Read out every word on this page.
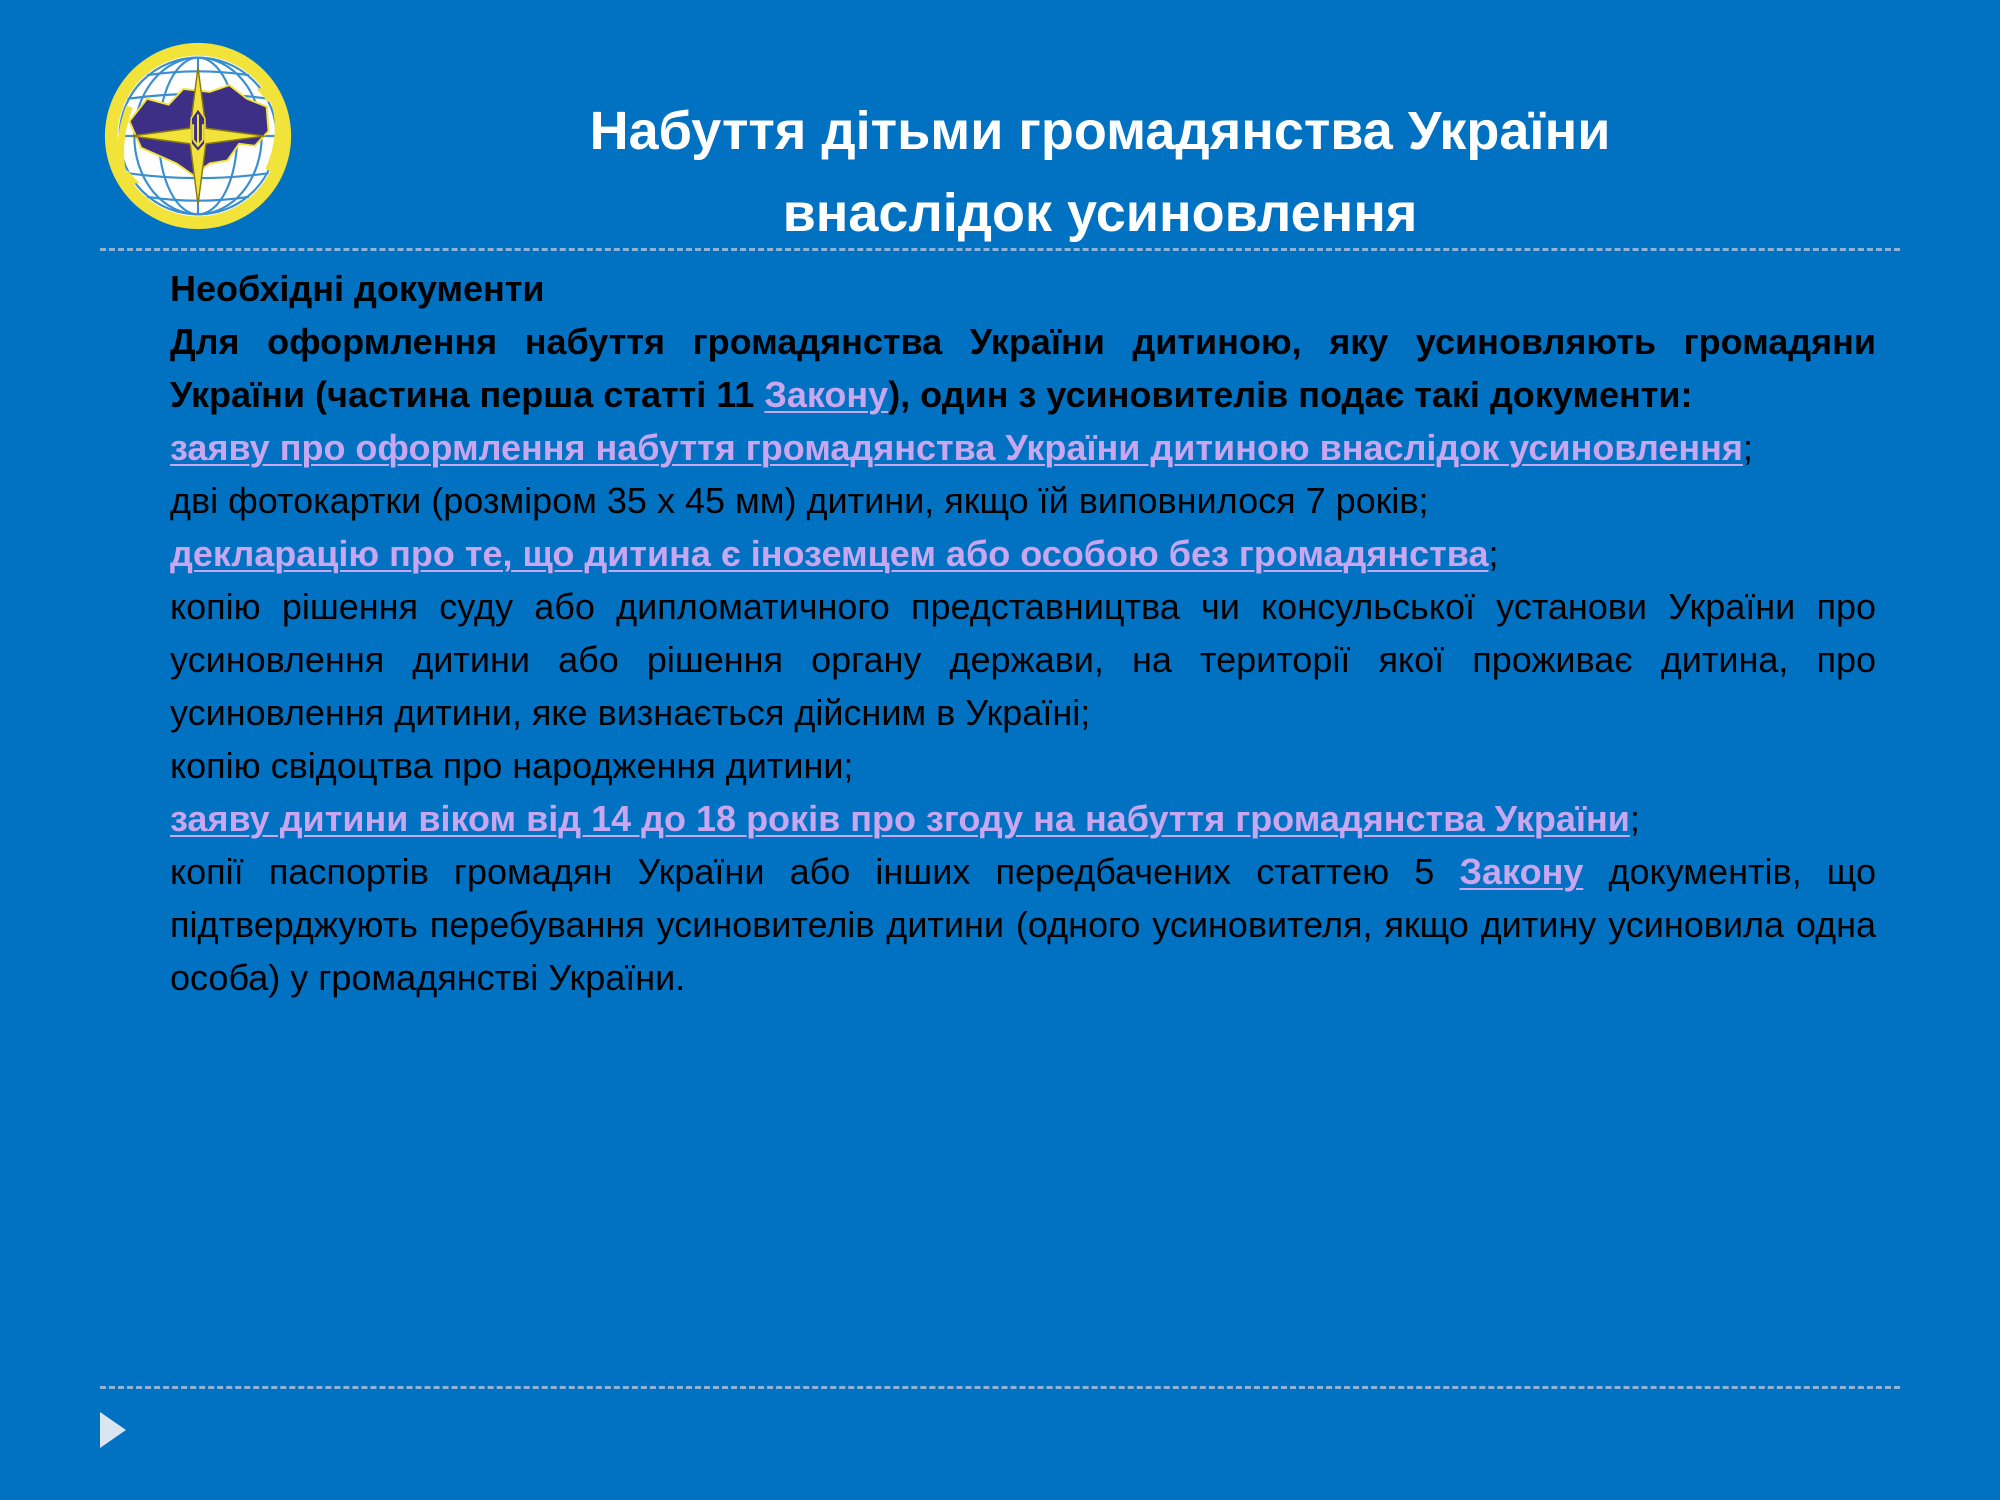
Набуття дітьми громадянства України
внаслідок усиновлення

Необхідні документи

Для оформлення набуття громадянства України дитиною, яку усиновляють громадяни України (частина перша статті 11 Закону), один з усиновителів подає такі документи:

заяву про оформлення набуття громадянства України дитиною внаслідок усиновлення;

дві фотокартки (розміром 35 х 45 мм) дитини, якщо їй виповнилося 7 років;

декларацію про те, що дитина є іноземцем або особою без громадянства;

копію рішення суду або дипломатичного представництва чи консульської установи України про усиновлення дитини або рішення органу держави, на території якої проживає дитина, про усиновлення дитини, яке визнається дійсним в Україні;

копію свідоцтва про народження дитини;

заяву дитини віком від 14 до 18 років про згоду на набуття громадянства України;

копії паспортів громадян України або інших передбачених статтею 5 Закону документів, що підтверджують перебування усиновителів дитини (одного усиновителя, якщо дитину усиновила одна особа) у громадянстві України.
